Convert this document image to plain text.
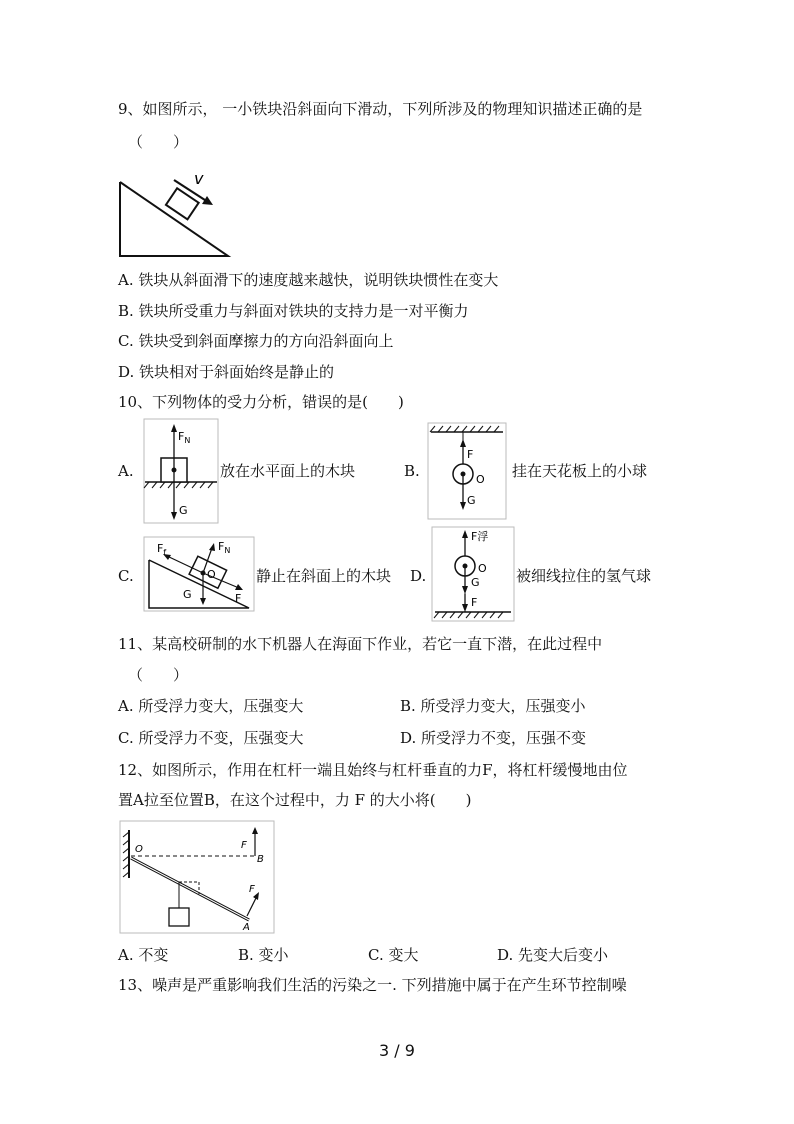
9、如图所示， 一小铁块沿斜面向下滑动，下列所涉及的物理知识描述正确的是
（　　）
v
A. 铁块从斜面滑下的速度越来越快，说明铁块惯性在变大
B. 铁块所受重力与斜面对铁块的支持力是一对平衡力
C. 铁块受到斜面摩擦力的方向沿斜面向上
D. 铁块相对于斜面始终是静止的
10、下列物体的受力分析，错误的是(　　)
A.
$F_N$
G
放在水平面上的木块	B.
F
O
G
挂在天花板上的小球
C.
$F_f$	$F_N$
O
G	F
静止在斜面上的木块 D.
F浮
O
G
F
被细线拉住的氢气球
11、某高校研制的水下机器人在海面下作业，若它一直下潜，在此过程中
（　　）
A. 所受浮力变大，压强变大	B. 所受浮力变大，压强变小
C. 所受浮力不变，压强变大	D. 所受浮力不变，压强不变
12、如图所示，作用在杠杆一端且始终与杠杆垂直的力F，将杠杆缓慢地由位
置A拉至位置B，在这个过程中，力 F 的大小将(　　)
O	F
B
F
A
A. 不变	B. 变小	C. 变大	D. 先变大后变小
13、噪声是严重影响我们生活的污染之一. 下列措施中属于在产生环节控制噪
3 / 9
